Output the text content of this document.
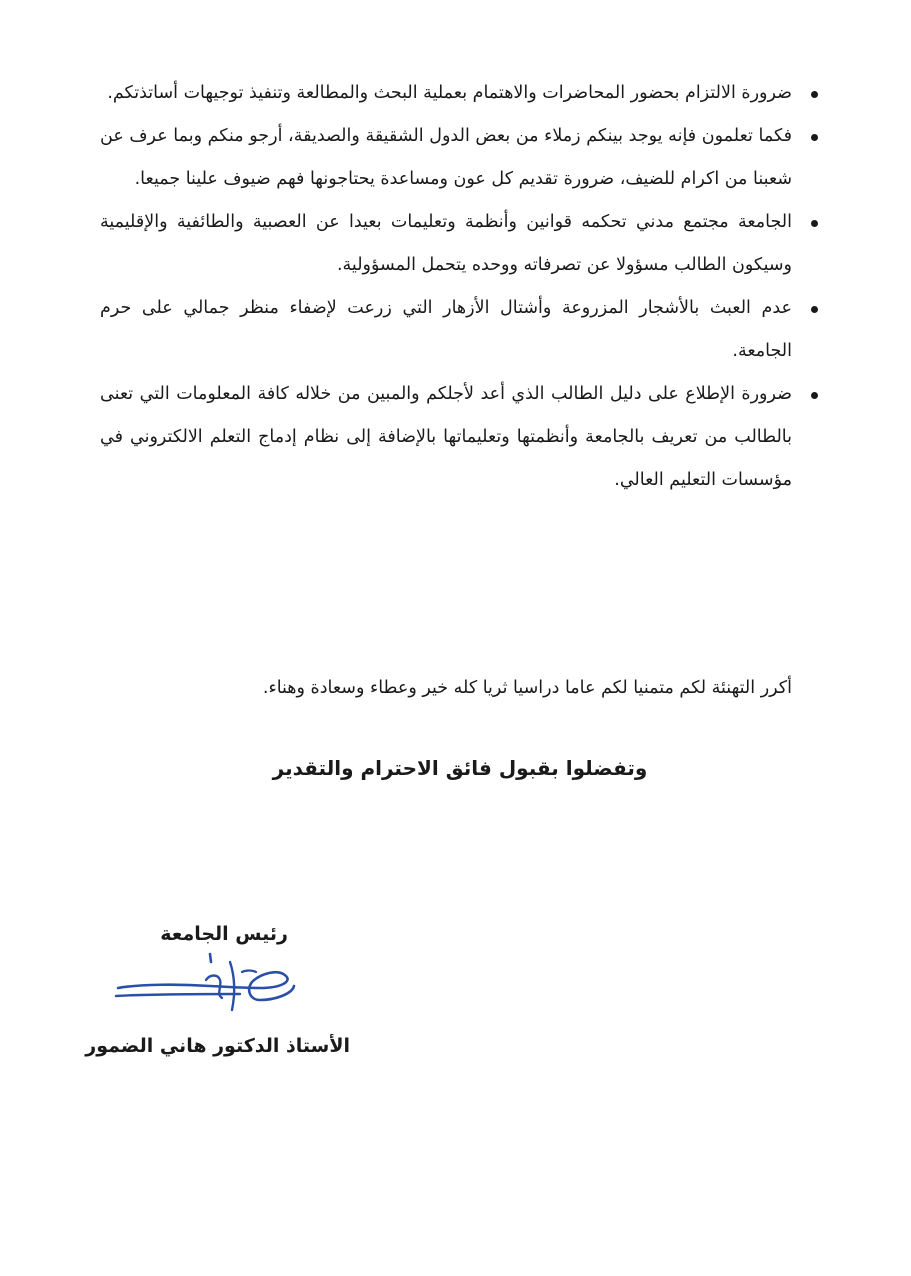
ضرورة الالتزام بحضور المحاضرات والاهتمام بعملية البحث والمطالعة وتنفيذ توجيهات أساتذتكم.
فكما تعلمون فإنه يوجد بينكم زملاء من بعض الدول الشقيقة والصديقة، أرجو منكم وبما عرف عن شعبنا من اكرام للضيف، ضرورة تقديم كل عون ومساعدة يحتاجونها فهم ضيوف علينا جميعا.
الجامعة مجتمع مدني تحكمه قوانين وأنظمة وتعليمات بعيدا عن العصبية والطائفية والإقليمية وسيكون الطالب مسؤولا عن تصرفاته ووحده يتحمل المسؤولية.
عدم العبث بالأشجار المزروعة وأشتال الأزهار التي زرعت لإضفاء منظر جمالي على حرم الجامعة.
ضرورة الإطلاع على دليل الطالب الذي أعد لأجلكم والمبين من خلاله كافة المعلومات التي تعنى بالطالب من تعريف بالجامعة وأنظمتها وتعليماتها بالإضافة إلى نظام إدماج التعلم الالكتروني في مؤسسات التعليم العالي.
أكرر التهنئة لكم متمنيا لكم عاما دراسيا ثريا كله خير وعطاء وسعادة وهناء.
وتفضلوا بقبول فائق الاحترام والتقدير
رئيس الجامعة
الأستاذ الدكتور هاني الضمور
